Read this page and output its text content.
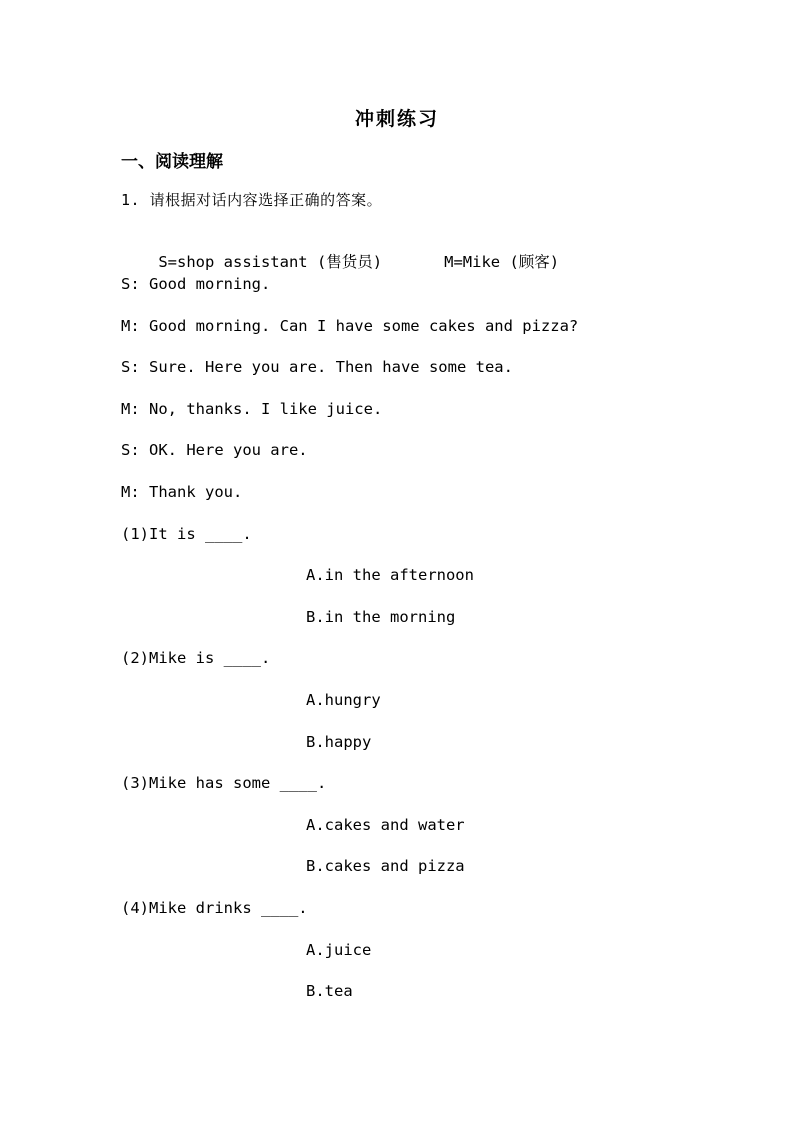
冲刺练习
一、阅读理解
1. 请根据对话内容选择正确的答案。

S=shop assistant (售货员)	M=Mike (顾客)

S: Good morning.
M: Good morning. Can I have some cakes and pizza?
S: Sure. Here you are. Then have some tea.
M: No, thanks. I like juice.
S: OK. Here you are.
M: Thank you.
(1)It is ____.
A.in the afternoon
B.in the morning
(2)Mike is ____.
A.hungry
B.happy
(3)Mike has some ____.
A.cakes and water
B.cakes and pizza
(4)Mike drinks ____.
A.juice
B.tea
